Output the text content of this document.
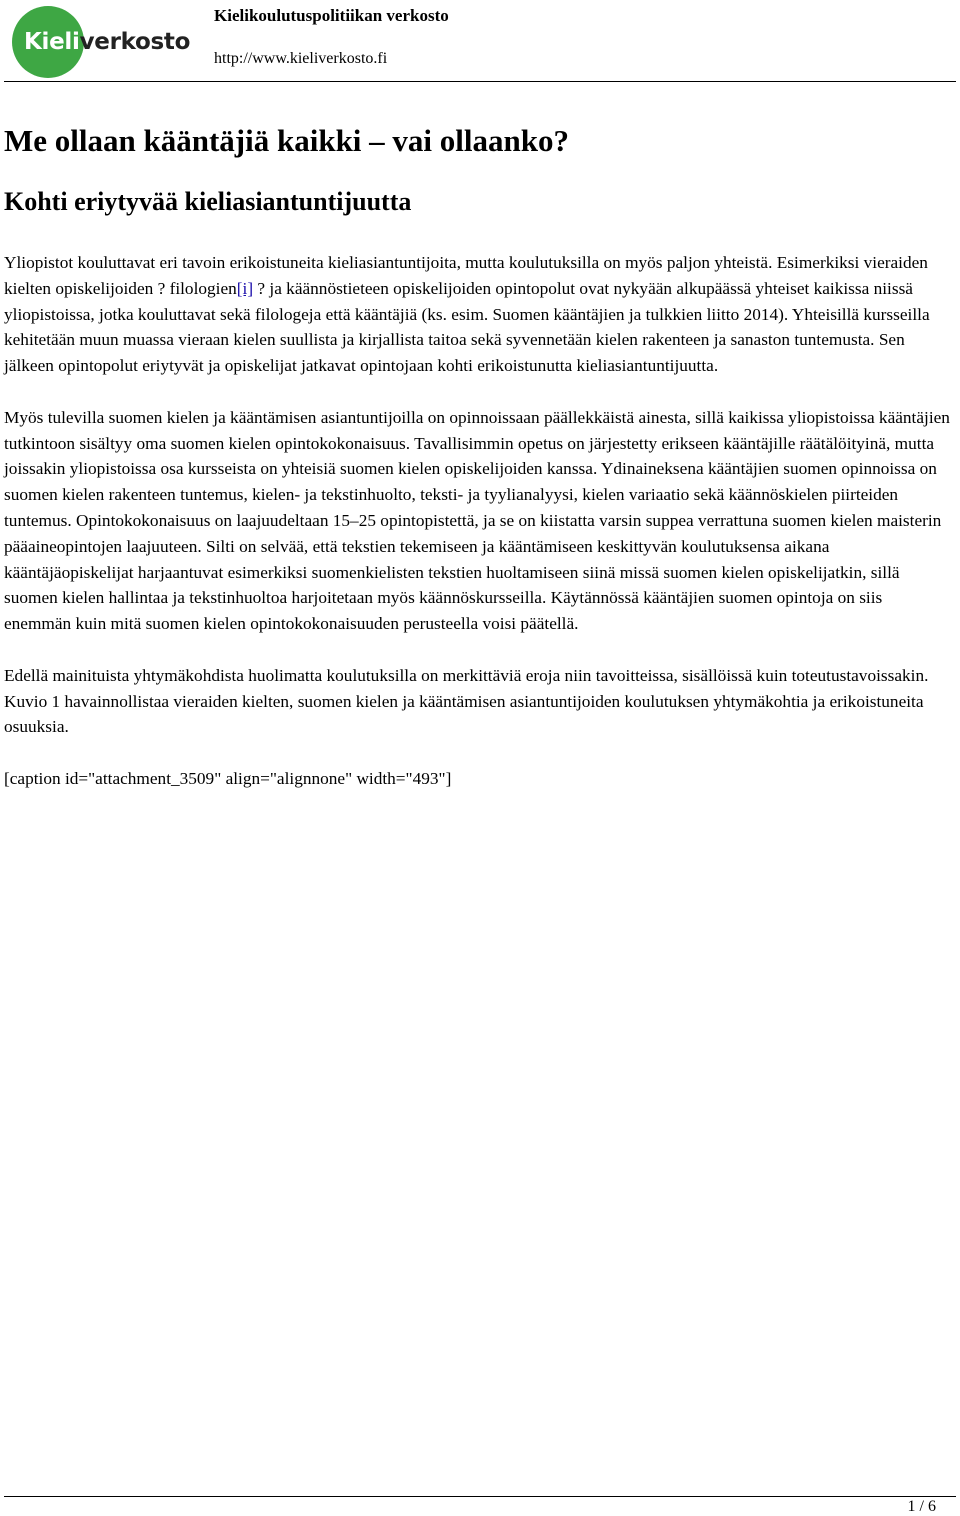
Kieliverkosto
Kielikoulutuspolitiikan verkosto
http://www.kieliverkosto.fi
Me ollaan kääntäjiä kaikki – vai ollaanko?
Kohti eriytyvää kieliasiantuntijuutta

Yliopistot kouluttavat eri tavoin erikoistuneita kieliasiantuntijoita, mutta koulutuksilla on myös paljon yhteistä. Esimerkiksi vieraiden kielten opiskelijoiden ? filologien[i] ? ja käännöstieteen opiskelijoiden opintopolut ovat nykyään alkupäässä yhteiset kaikissa niissä yliopistoissa, jotka kouluttavat sekä filologeja että kääntäjiä (ks. esim. Suomen kääntäjien ja tulkkien liitto 2014). Yhteisillä kursseilla kehitetään muun muassa vieraan kielen suullista ja kirjallista taitoa sekä syvennetään kielen rakenteen ja sanaston tuntemusta. Sen jälkeen opintopolut eriytyvät ja opiskelijat jatkavat opintojaan kohti erikoistunutta kieliasiantuntijuutta.

Myös tulevilla suomen kielen ja kääntämisen asiantuntijoilla on opinnoissaan päällekkäistä ainesta, sillä kaikissa yliopistoissa kääntäjien tutkintoon sisältyy oma suomen kielen opintokokonaisuus. Tavallisimmin opetus on järjestetty erikseen kääntäjille räätälöityinä, mutta joissakin yliopistoissa osa kursseista on yhteisiä suomen kielen opiskelijoiden kanssa. Ydinaineksena kääntäjien suomen opinnoissa on suomen kielen rakenteen tuntemus, kielen- ja tekstinhuolto, teksti- ja tyylianalyysi, kielen variaatio sekä käännöskielen piirteiden tuntemus. Opintokokonaisuus on laajuudeltaan 15–25 opintopistettä, ja se on kiistatta varsin suppea verrattuna suomen kielen maisterin pääaineopintojen laajuuteen. Silti on selvää, että tekstien tekemiseen ja kääntämiseen keskittyvän koulutuksensa aikana kääntäjäopiskelijat harjaantuvat esimerkiksi suomenkielisten tekstien huoltamiseen siinä missä suomen kielen opiskelijatkin, sillä suomen kielen hallintaa ja tekstinhuoltoa harjoitetaan myös käännöskursseilla. Käytännössä kääntäjien suomen opintoja on siis enemmän kuin mitä suomen kielen opintokokonaisuuden perusteella voisi päätellä.

Edellä mainituista yhtymäkohdista huolimatta koulutuksilla on merkittäviä eroja niin tavoitteissa, sisällöissä kuin toteutustavoissakin. Kuvio 1 havainnollistaa vieraiden kielten, suomen kielen ja kääntämisen asiantuntijoiden koulutuksen yhtymäkohtia ja erikoistuneita osuuksia.

[caption id="attachment_3509" align="alignnone" width="493"]

1 / 6
